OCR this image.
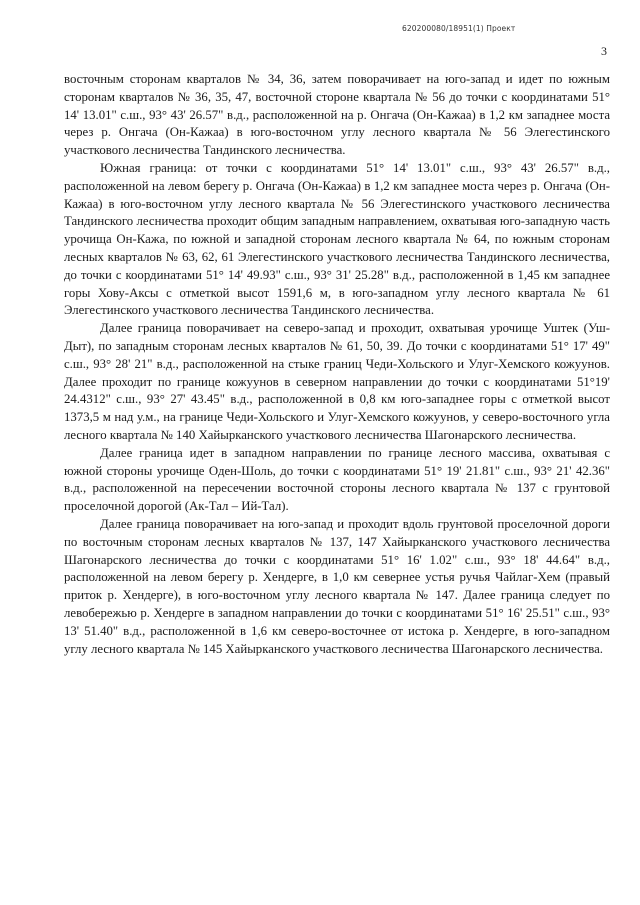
620200080/18951(1) Проект
3

восточным сторонам кварталов № 34, 36, затем поворачивает на юго-запад и идет по южным сторонам кварталов № 36, 35, 47, восточной стороне квартала № 56 до точки с координатами 51° 14' 13.01" с.ш., 93° 43' 26.57" в.д., расположенной на р. Онгача (Он-Кажаа) в 1,2 км западнее моста через р. Онгача (Он-Кажаа) в юго-восточном углу лесного квартала № 56 Элегестинского участкового лесничества Тандинского лесничества.

Южная граница: от точки с координатами 51° 14' 13.01" с.ш., 93° 43' 26.57" в.д., расположенной на левом берегу р. Онгача (Он-Кажаа) в 1,2 км западнее моста через р. Онгача (Он-Кажаа) в юго-восточном углу лесного квартала № 56 Элегестинского участкового лесничества Тандинского лесничества проходит общим западным направлением, охватывая юго-западную часть урочища Он-Кажа, по южной и западной сторонам лесного квартала № 64, по южным сторонам лесных кварталов № 63, 62, 61 Элегестинского участкового лесничества Тандинского лесничества, до точки с координатами 51° 14' 49.93" с.ш., 93° 31' 25.28" в.д., расположенной в 1,45 км западнее горы Хову-Аксы с отметкой высот 1591,6 м, в юго-западном углу лесного квартала № 61 Элегестинского участкового лесничества Тандинского лесничества.

Далее граница поворачивает на северо-запад и проходит, охватывая урочище Уштек (Уш-Дыт), по западным сторонам лесных кварталов № 61, 50, 39. До точки с координатами 51° 17' 49" с.ш., 93° 28' 21" в.д., расположенной на стыке границ Чеди-Хольского и Улуг-Хемского кожуунов. Далее проходит по границе кожуунов в северном направлении до точки с координатами 51°19' 24.4312" с.ш., 93° 27' 43.45" в.д., расположенной в 0,8 км юго-западнее горы с отметкой высот 1373,5 м над у.м., на границе Чеди-Хольского и Улуг-Хемского кожуунов, у северо-восточного угла лесного квартала № 140 Хайырканского участкового лесничества Шагонарского лесничества.

Далее граница идет в западном направлении по границе лесного массива, охватывая с южной стороны урочище Оден-Шоль, до точки с координатами 51° 19' 21.81" с.ш., 93° 21' 42.36" в.д., расположенной на пересечении восточной стороны лесного квартала № 137 с грунтовой проселочной дорогой (Ак-Тал – Ий-Тал).

Далее граница поворачивает на юго-запад и проходит вдоль грунтовой проселочной дороги по восточным сторонам лесных кварталов № 137, 147 Хайырканского участкового лесничества Шагонарского лесничества до точки с координатами 51° 16' 1.02" с.ш., 93° 18' 44.64" в.д., расположенной на левом берегу р. Хендерге, в 1,0 км севернее устья ручья Чайлаг-Хем (правый приток р. Хендерге), в юго-восточном углу лесного квартала № 147. Далее граница следует по левобережью р. Хендерге в западном направлении до точки с координатами 51° 16' 25.51" с.ш., 93° 13' 51.40" в.д., расположенной в 1,6 км северо-восточнее от истока р. Хендерге, в юго-западном углу лесного квартала № 145 Хайырканского участкового лесничества Шагонарского лесничества.
